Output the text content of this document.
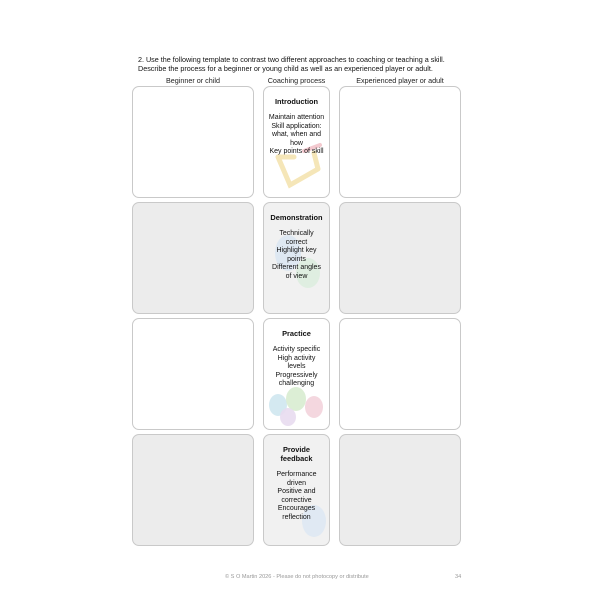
2. Use the following template to contrast two different approaches to coaching or teaching a skill. Describe the process for a beginner or young child as well as an experienced player or adult.
Beginner or child	Coaching process	Experienced player or adult
Introduction
Maintain attention
Skill application:
what, when and
how
Key points of skill
Demonstration
Technically
correct
Highlight key
points
Different angles
of view
Practice
Activity specific
High activity
levels
Progressively
challenging
Provide feedback
Performance
driven
Positive and
corrective
Encourages
reflection
© S O Martin 2026 - Please do not photocopy or distribute	34
